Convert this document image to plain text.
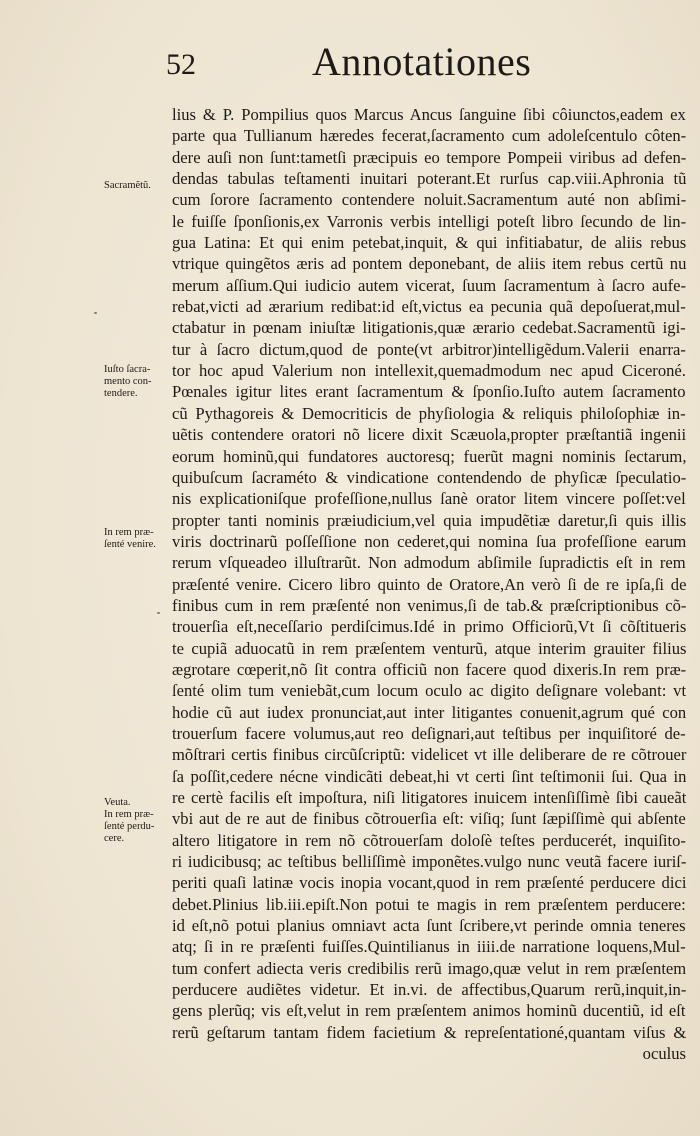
52	Annotationes
Sacramẽtũ.
Iuſto ſacra-
mento con-
tendere.
In rem præ-
ſenté venire.
Veuta.
In rem præ-
ſenté perdu-
cere.
lius & P. Pompilius quos Marcus Ancus ſanguine ſibi côiunctos,eadem ex
parte qua Tullianum hæredes fecerat,ſacramento cum adoleſcentulo côten-
dere auſi non ſunt:tametſi præcipuis eo tempore Pompeii viribus ad defen-
dendas tabulas teſtamenti inuitari poterant.Et rurſus cap.viii.Aphronia tũ
cum ſorore ſacramento contendere noluit.Sacramentum auté non abſimi-
le fuiſſe ſponſionis,ex Varronis verbis intelligi poteſt libro ſecundo de lin-
gua Latina: Et qui enim petebat,inquit, & qui infitiabatur, de aliis rebus
vtrique quingẽtos æris ad pontem deponebant, de aliis item rebus certũ nu
merum aſſium.Qui iudicio autem vicerat, ſuum ſacramentum à ſacro aufe-
rebat,victi ad ærarium redibat:id eſt,victus ea pecunia quã depoſuerat,mul-
ctabatur in pœnam iniuſtæ litigationis,quæ ærario cedebat.Sacramentũ igi-
tur à ſacro dictum,quod de ponte(vt arbitror)intelligẽdum.Valerii enarra-
tor hoc apud Valerium non intellexit,quemadmodum nec apud Ciceroné.
Pœnales igitur lites erant ſacramentum & ſponſio.Iuſto autem ſacramento
cũ Pythagoreis & Democriticis de phyſiologia & reliquis philoſophiæ in-
uẽtis contendere oratori nõ licere dixit Scæuola,propter præſtantiã ingenii
eorum hominũ,qui fundatores auctoresq; fuerũt magni nominis ſectarum,
quibuſcum ſacraméto & vindicatione contendendo de phyſicæ ſpeculatio-
nis explicationiſque profeſſione,nullus ſanè orator litem vincere poſſet:vel
propter tanti nominis præiudicium,vel quia impudẽtiæ daretur,ſi quis illis
viris doctrinarũ poſſeſſione non cederet,qui nomina ſua profeſſione earum
rerum vſqueadeo illuſtrarũt. Non admodum abſimile ſupradictis eſt in rem
præſenté venire. Cicero libro quinto de Oratore,An verò ſi de re ipſa,ſi de
finibus cum in rem præſenté non venimus,ſi de tab.& præſcriptionibus cõ-
trouerſia eſt,neceſſario perdiſcimus.Idé in primo Officiorũ,Vt ſi cõſtitueris
te cupiã aduocatũ in rem præſentem venturũ, atque interim grauiter filius
ægrotare cœperit,nõ ſit contra officiũ non facere quod dixeris.In rem præ-
ſenté olim tum veniebãt,cum locum oculo ac digito deſignare volebant: vt
hodie cũ aut iudex pronunciat,aut inter litigantes conuenit,agrum qué con
trouerſum facere volumus,aut reo deſignari,aut teſtibus per inquiſitoré de-
mõſtrari certis finibus circũſcriptũ: videlicet vt ille deliberare de re cõtrouer
ſa poſſit,cedere nécne vindicãti debeat,hi vt certi ſint teſtimonii ſui. Qua in
re certè facilis eſt impoſtura, niſi litigatores inuicem intenſiſſimè ſibi caueãt
vbi aut de re aut de finibus cõtrouerſia eſt: viſiq; ſunt ſæpiſſimè qui abſente
altero litigatore in rem nõ cõtrouerſam doloſè teſtes perducerét, inquiſito-
ri iudicibusq; ac teſtibus belliſſimè imponẽtes.vulgo nunc veutã facere iuriſ-
periti quaſi latinæ vocis inopia vocant,quod in rem præſenté perducere dici
debet.Plinius lib.iii.epiſt.Non potui te magis in rem præſentem perducere:
id eſt,nõ potui planius omniavt acta ſunt ſcribere,vt perinde omnia teneres
atq; ſi in re præſenti fuiſſes.Quintilianus in iiii.de narratione loquens,Mul-
tum confert adiecta veris credibilis rerũ imago,quæ velut in rem præſentem
perducere audiẽtes videtur. Et in.vi. de affectibus,Quarum rerũ,inquit,in-
gens plerũq; vis eſt,velut in rem præſentem animos hominũ ducentiũ, id eſt
rerũ geſtarum tantam fidem facietium & repreſentationé,quantam viſus &
oculus
